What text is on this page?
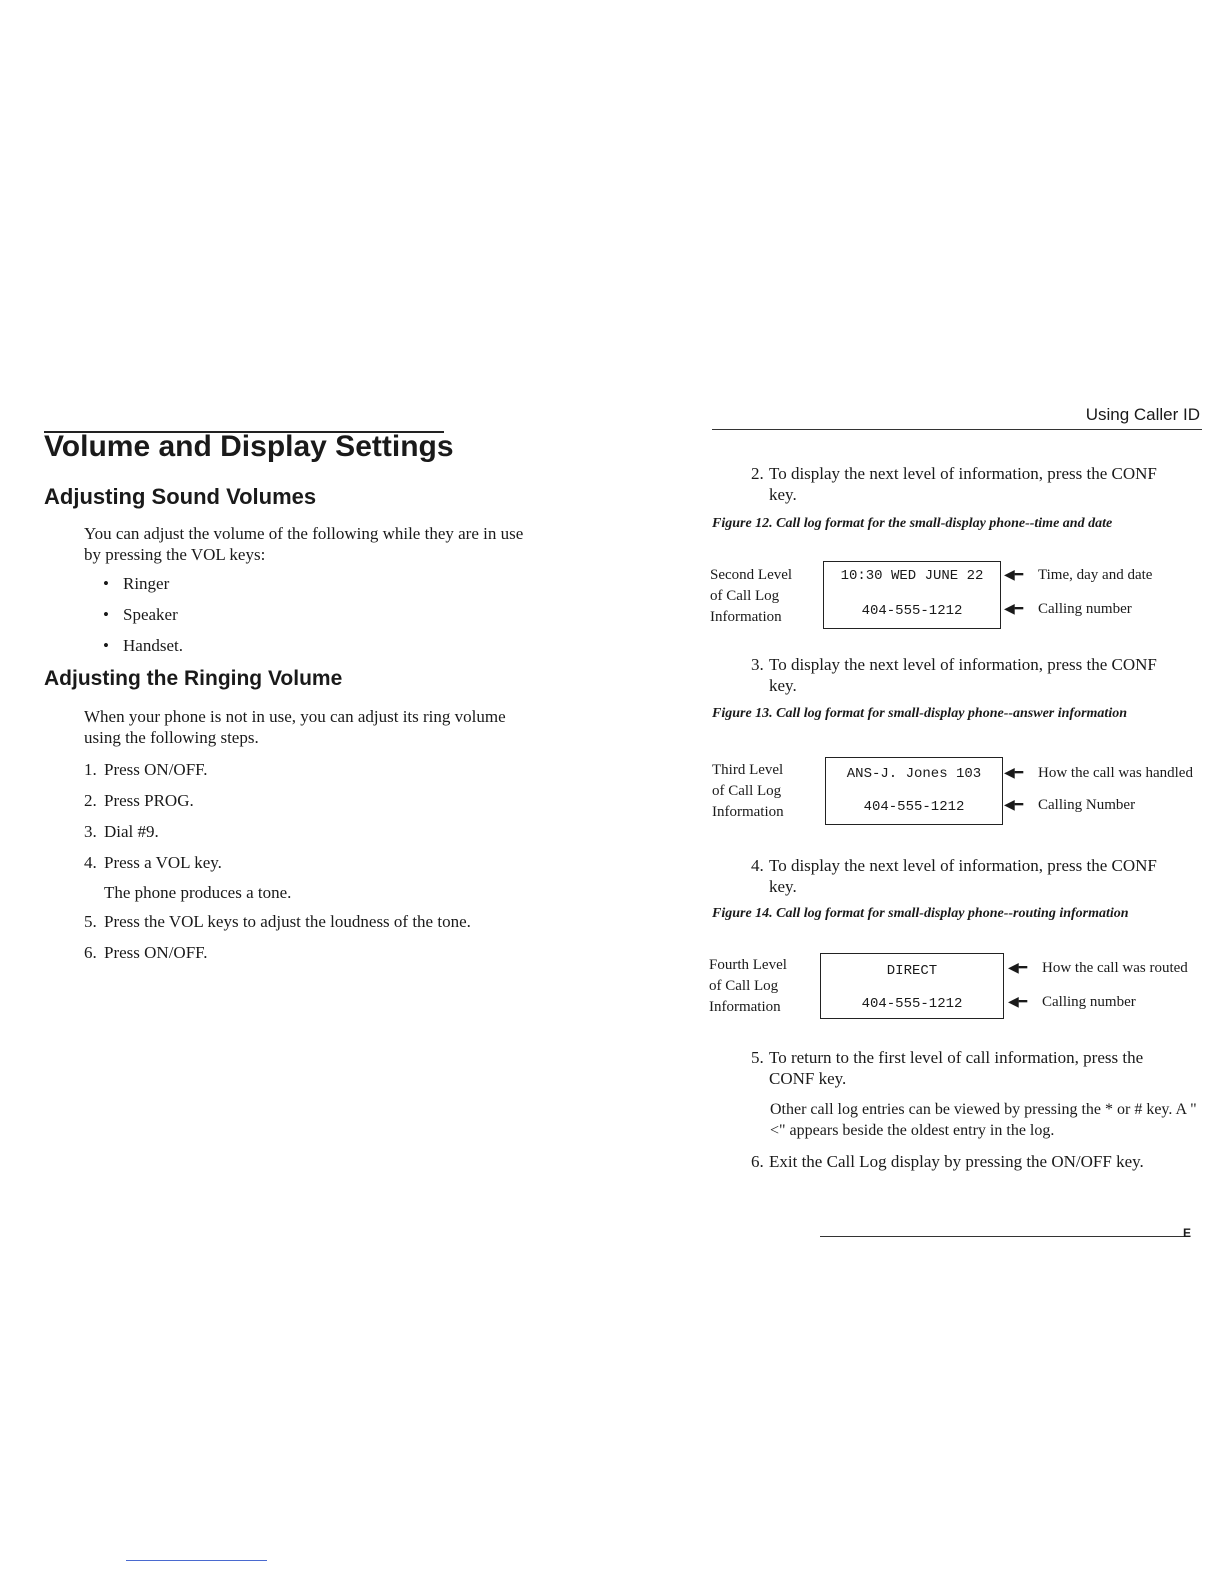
Volume and Display Settings
Adjusting Sound Volumes
You can adjust the volume of the following while they are in use by pressing the VOL keys:
• Ringer
• Speaker
• Handset.
Adjusting the Ringing Volume
When your phone is not in use, you can adjust its ring volume using the following steps.
1. Press ON/OFF.
2. Press PROG.
3. Dial #9.
4. Press a VOL key.
The phone produces a tone.
5. Press the VOL keys to adjust the loudness of the tone.
6. Press ON/OFF.
Using Caller ID
2. To display the next level of information, press the CONF
key.
Figure 12. Call log format for the small-display phone--time and date
Second Level
of Call Log
Information
10:30 WED JUNE 22
404-555-1212
◀━ Time, day and date
◀━ Calling number
3. To display the next level of information, press the CONF
key.
Figure 13. Call log format for small-display phone--answer information
Third Level
of Call Log
Information
ANS-J. Jones 103
404-555-1212
◀━ How the call was handled
◀━ Calling Number
4. To display the next level of information, press the CONF
key.
Figure 14. Call log format for small-display phone--routing information
Fourth Level
of Call Log
Information
DIRECT
404-555-1212
◀━ How the call was routed
◀━ Calling number
5. To return to the first level of call information, press the
CONF key.
Other call log entries can be viewed by pressing the * or # key. A "<" appears beside the oldest entry in the log.
6. Exit the Call Log display by pressing the ON/OFF key.
E
